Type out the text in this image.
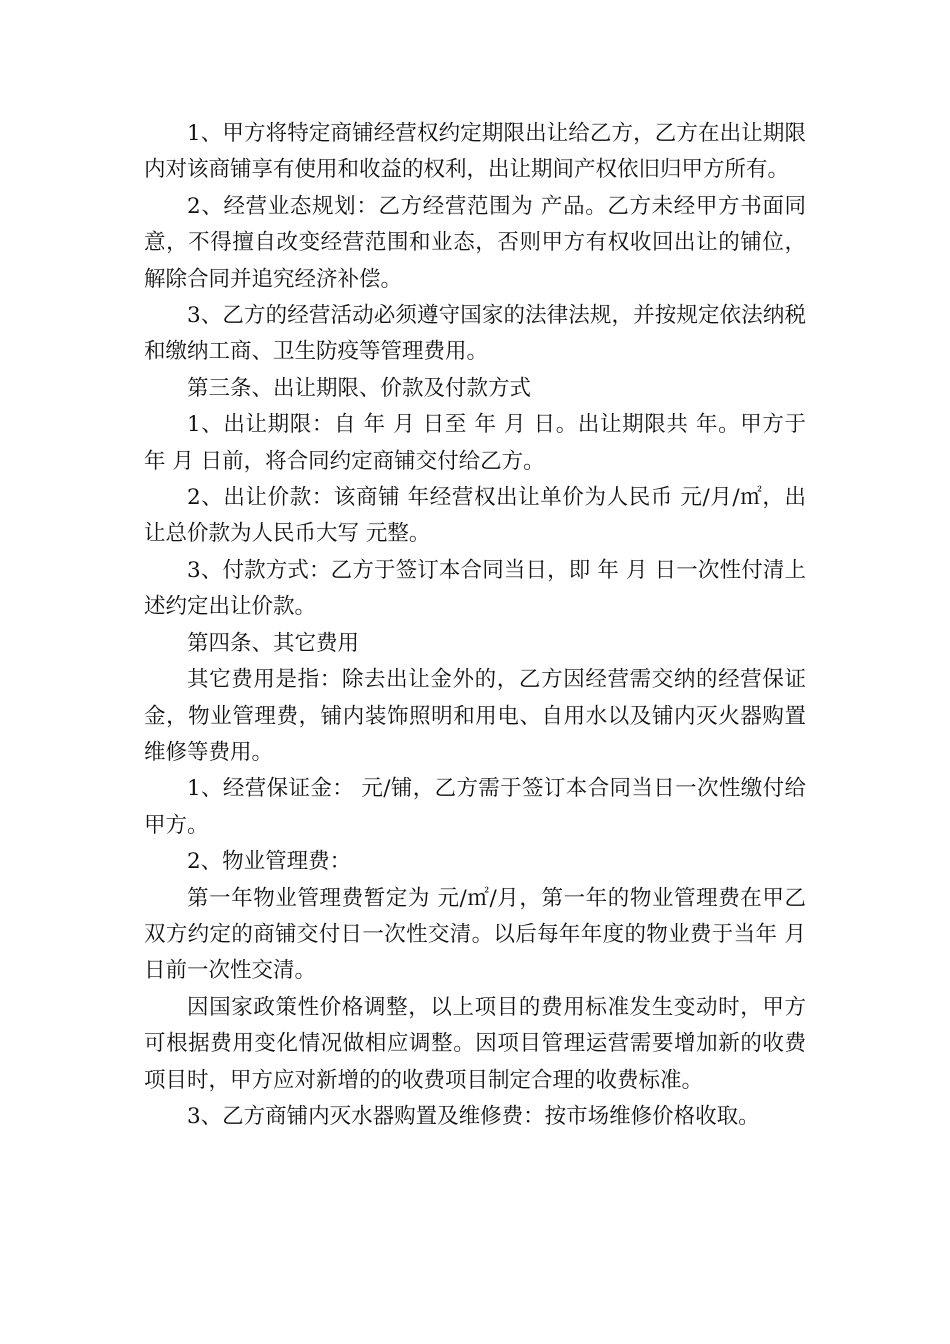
1、甲方将特定商铺经营权约定期限出让给乙方，乙方在出让期限内对该商铺享有使用和收益的权利，出让期间产权依旧归甲方所有。

2、经营业态规划：乙方经营范围为 产品。乙方未经甲方书面同意，不得擅自改变经营范围和业态，否则甲方有权收回出让的铺位，解除合同并追究经济补偿。

3、乙方的经营活动必须遵守国家的法律法规，并按规定依法纳税和缴纳工商、卫生防疫等管理费用。

第三条、出让期限、价款及付款方式

1、出让期限：自 年 月 日至 年 月 日。出让期限共 年。甲方于 年 月 日前，将合同约定商铺交付给乙方。

2、出让价款：该商铺 年经营权出让单价为人民币 元/月/㎡，出让总价款为人民币大写 元整。

3、付款方式：乙方于签订本合同当日，即 年 月 日一次性付清上述约定出让价款。

第四条、其它费用

其它费用是指：除去出让金外的，乙方因经营需交纳的经营保证金，物业管理费，铺内装饰照明和用电、自用水以及铺内灭火器购置维修等费用。

1、经营保证金： 元/铺，乙方需于签订本合同当日一次性缴付给甲方。

2、物业管理费：

第一年物业管理费暂定为 元/㎡/月，第一年的物业管理费在甲乙双方约定的商铺交付日一次性交清。以后每年年度的物业费于当年 月 日前一次性交清。

因国家政策性价格调整，以上项目的费用标准发生变动时，甲方可根据费用变化情况做相应调整。因项目管理运营需要增加新的收费项目时，甲方应对新增的的收费项目制定合理的收费标准。

3、乙方商铺内灭水器购置及维修费：按市场维修价格收取。
